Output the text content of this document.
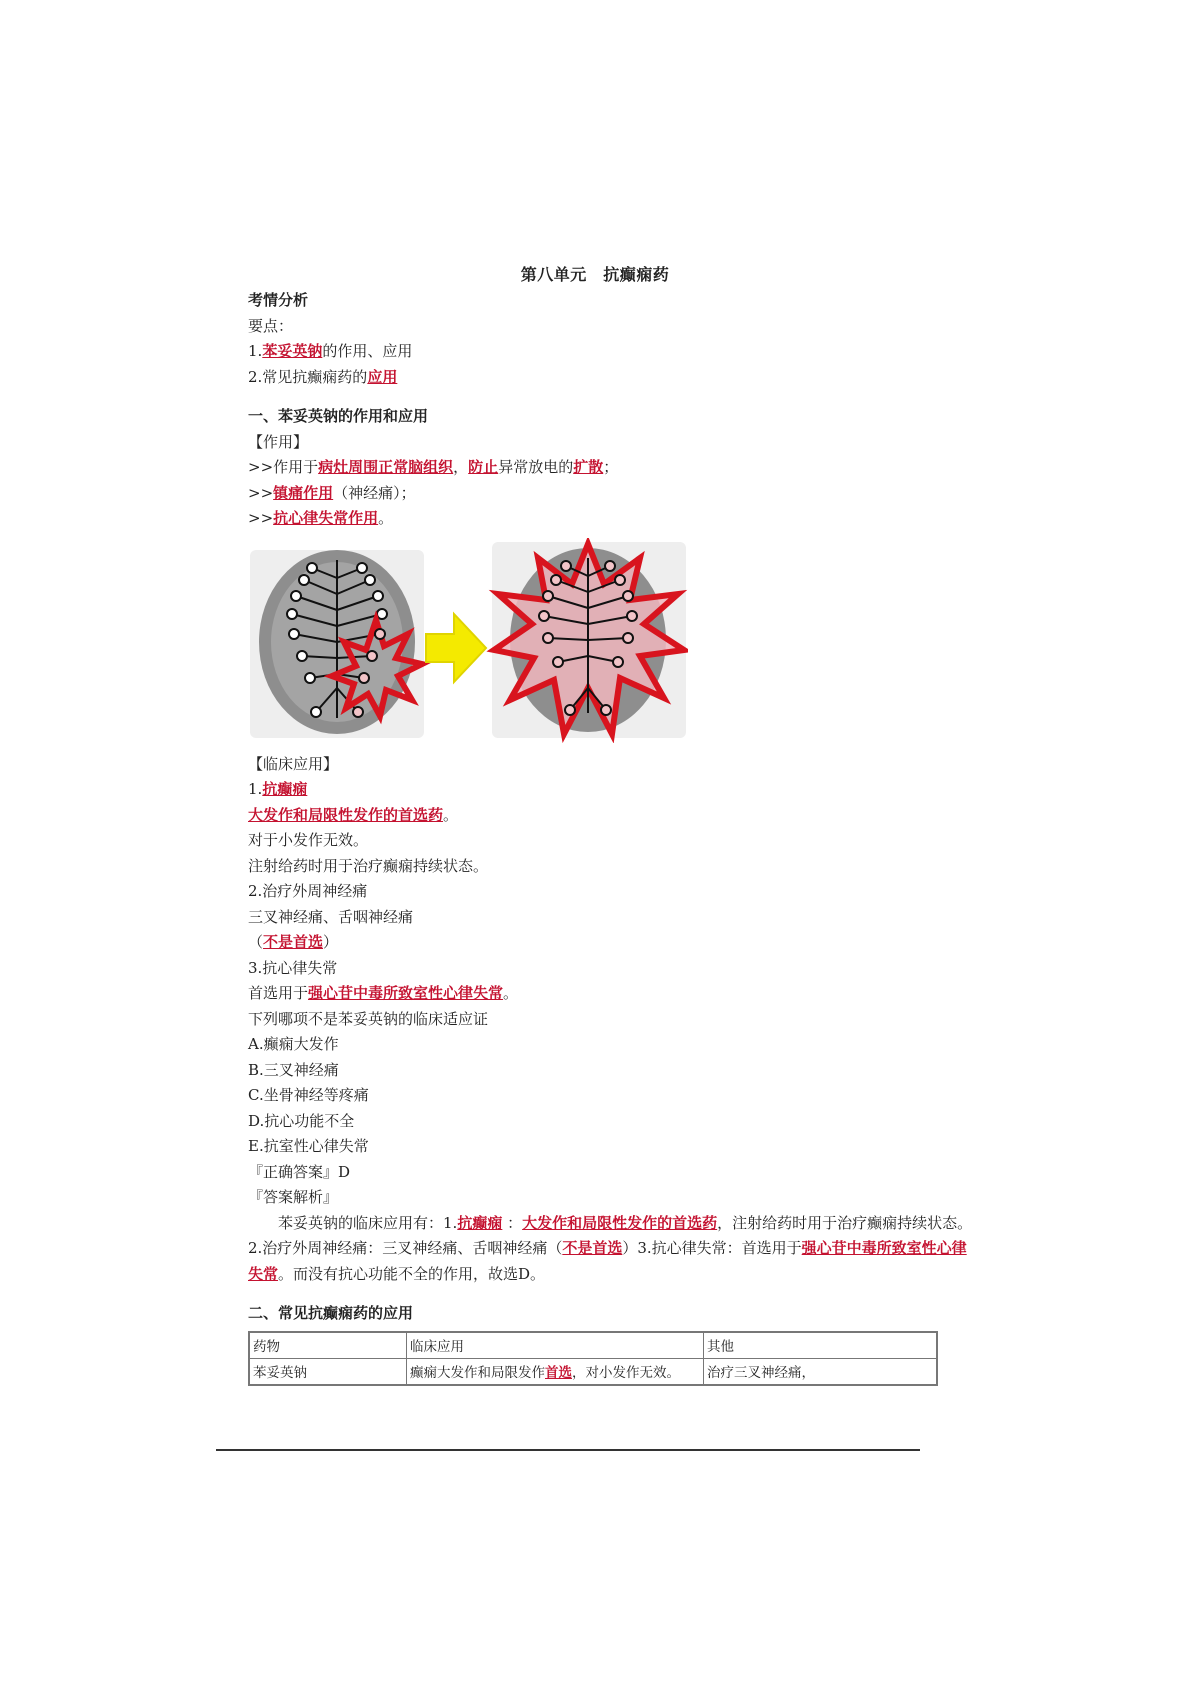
第八单元　抗癫痫药
考情分析
要点：
1.苯妥英钠的作用、应用
2.常见抗癫痫药的应用
一、苯妥英钠的作用和应用
【作用】
>>作用于病灶周围正常脑组织，防止异常放电的扩散；
>>镇痛作用（神经痛）；
>>抗心律失常作用。
【临床应用】
1.抗癫痫
大发作和局限性发作的首选药。
对于小发作无效。
注射给药时用于治疗癫痫持续状态。
2.治疗外周神经痛
三叉神经痛、舌咽神经痛
（不是首选）
3.抗心律失常
首选用于强心苷中毒所致室性心律失常。
下列哪项不是苯妥英钠的临床适应证
A.癫痫大发作
B.三叉神经痛
C.坐骨神经等疼痛
D.抗心功能不全
E.抗室性心律失常
『正确答案』D
『答案解析』
苯妥英钠的临床应用有：1.抗癫痫 ：大发作和局限性发作的首选药，注射给药时用于治疗癫痫持续状态。2.治疗外周神经痛：三叉神经痛、舌咽神经痛（不是首选）3.抗心律失常：首选用于强心苷中毒所致室性心律失常。而没有抗心功能不全的作用，故选D。
二、常见抗癫痫药的应用
药物	临床应用	其他
苯妥英钠	癫痫大发作和局限发作首选，对小发作无效。	治疗三叉神经痛，
